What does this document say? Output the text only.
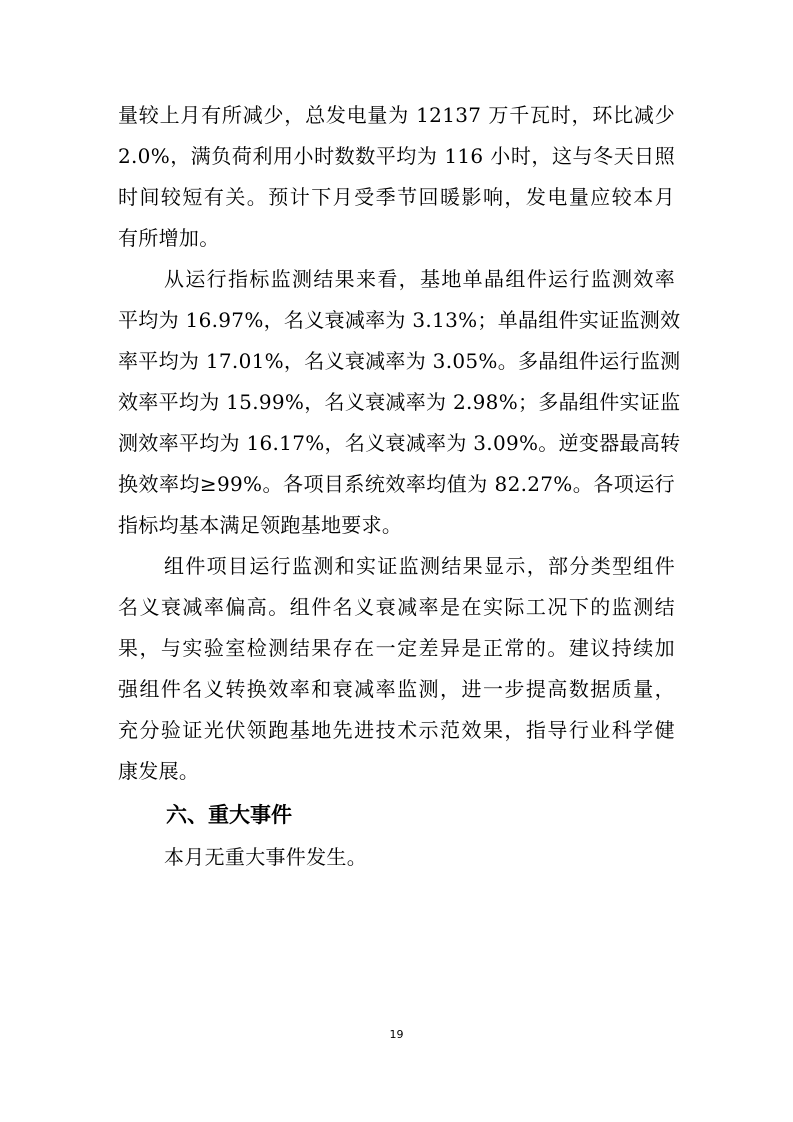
量较上月有所减少，总发电量为 12137 万千瓦时，环比减少
2.0%，满负荷利用小时数数平均为 116 小时，这与冬天日照
时间较短有关。预计下月受季节回暖影响，发电量应较本月
有所增加。
从运行指标监测结果来看，基地单晶组件运行监测效率
平均为 16.97%，名义衰减率为 3.13%；单晶组件实证监测效
率平均为 17.01%，名义衰减率为 3.05%。多晶组件运行监测
效率平均为 15.99%，名义衰减率为 2.98%；多晶组件实证监
测效率平均为 16.17%，名义衰减率为 3.09%。逆变器最高转
换效率均≥99%。各项目系统效率均值为 82.27%。各项运行
指标均基本满足领跑基地要求。
组件项目运行监测和实证监测结果显示，部分类型组件
名义衰减率偏高。组件名义衰减率是在实际工况下的监测结
果，与实验室检测结果存在一定差异是正常的。建议持续加
强组件名义转换效率和衰减率监测，进一步提高数据质量，
充分验证光伏领跑基地先进技术示范效果，指导行业科学健
康发展。
六、重大事件
本月无重大事件发生。
19
